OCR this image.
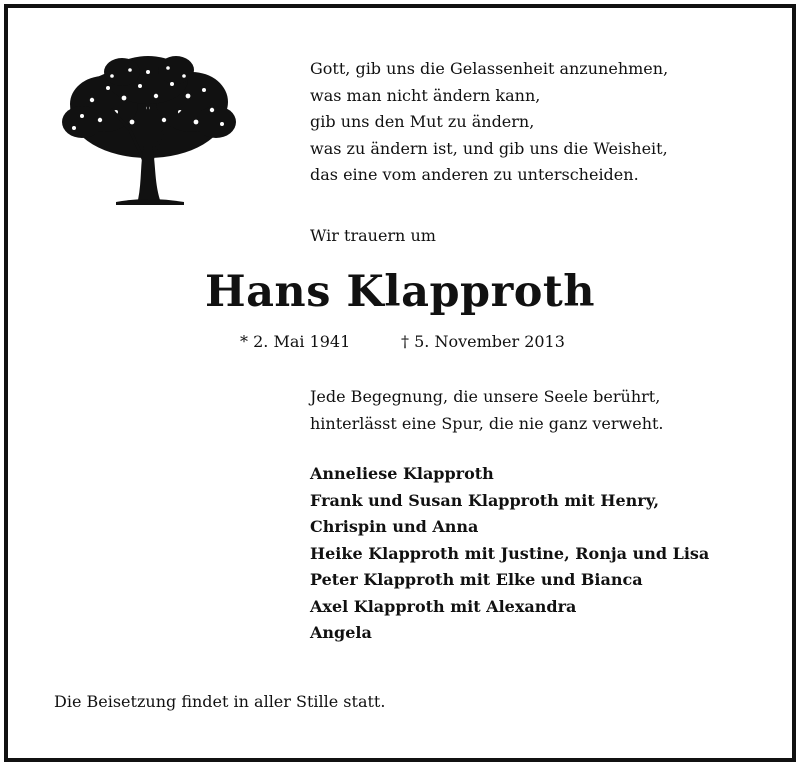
Gott, gib uns die Gelassenheit anzunehmen,
was man nicht ändern kann,
gib uns den Mut zu ändern,
was zu ändern ist, und gib uns die Weisheit,
das eine vom anderen zu unterscheiden.
Wir trauern um
Hans Klapproth
* 2. Mai 1941	† 5. November 2013
Jede Begegnung, die unsere Seele berührt,
hinterlässt eine Spur, die nie ganz verweht.
Anneliese Klapproth
Frank und Susan Klapproth mit Henry,
Chrispin und Anna
Heike Klapproth mit Justine, Ronja und Lisa
Peter Klapproth mit Elke und Bianca
Axel Klapproth mit Alexandra
Angela
Die Beisetzung findet in aller Stille statt.
